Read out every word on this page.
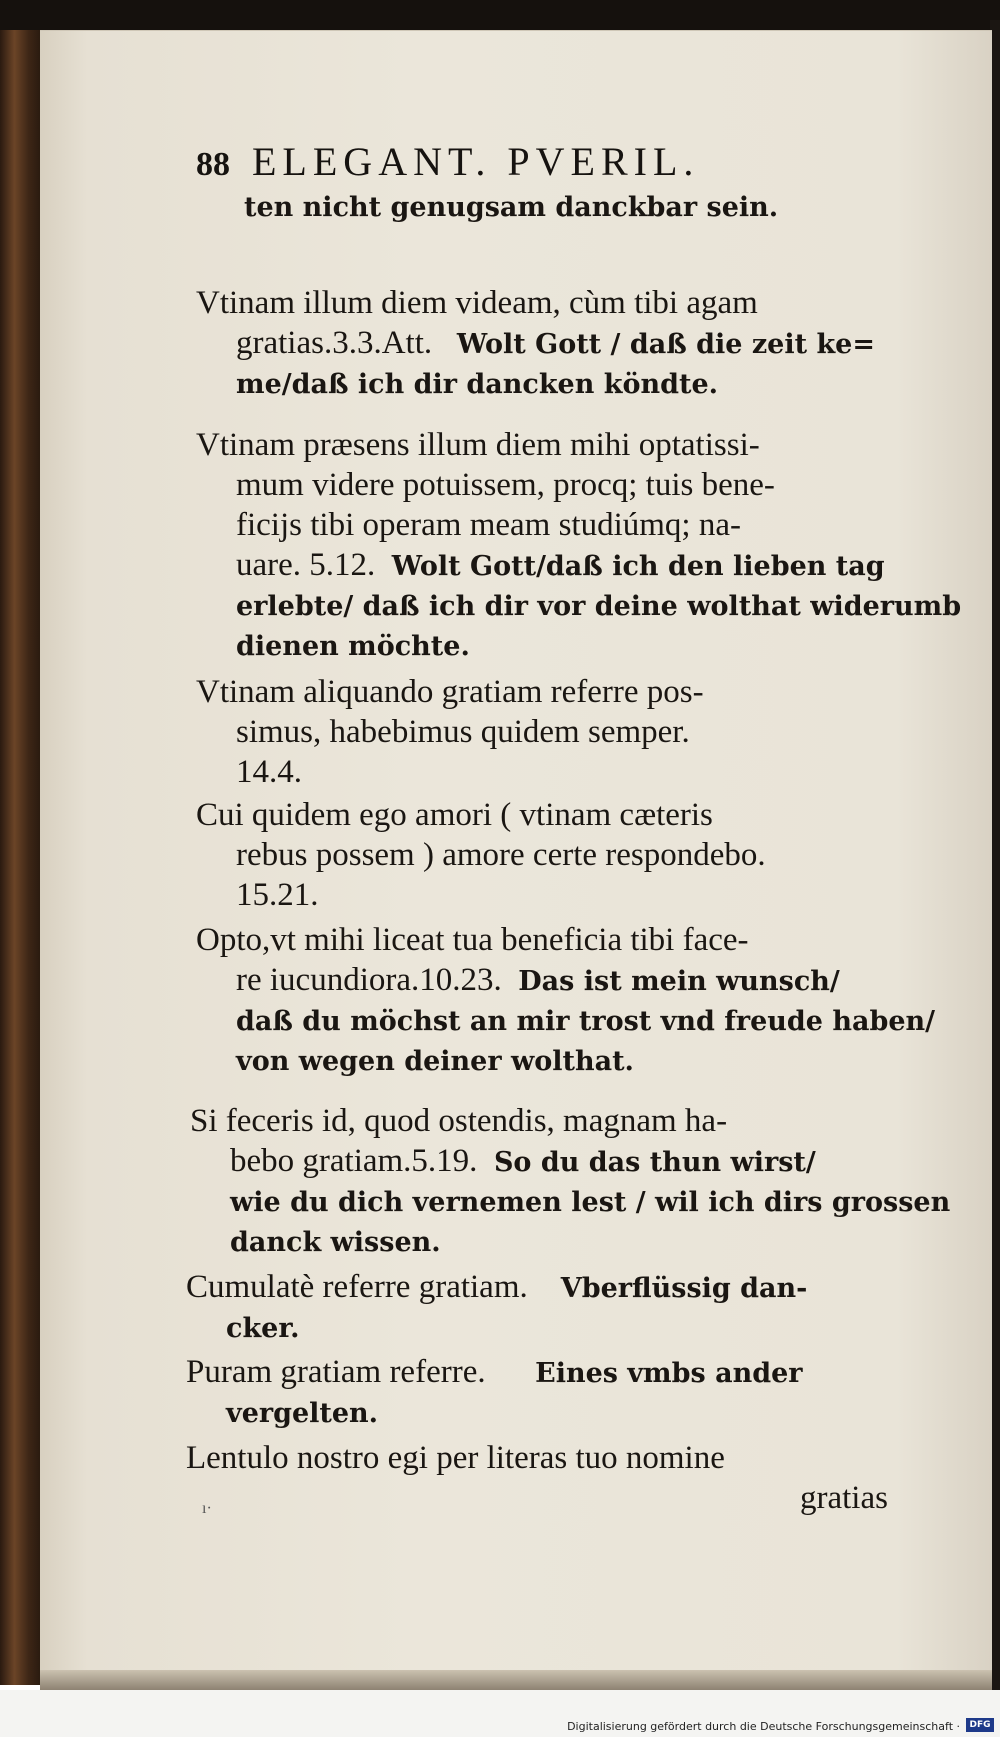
88 ELEGANT. PVERIL.
ten nicht genugsam danckbar sein.
Vtinam illum diem videam, cùm tibi agam
gratias.3.3.Att. Wolt Gott / daß die zeit ke=
me/daß ich dir dancken köndte.
Vtinam præsens illum diem mihi optatissi-
mum videre potuissem, procq; tuis bene-
ficijs tibi operam meam studiúmq; na-
uare. 5.12. Wolt Gott/daß ich den lieben tag
erlebte/ daß ich dir vor deine wolthat widerumb
dienen möchte.
Vtinam aliquando gratiam referre pos-
simus, habebimus quidem semper.
14.4.
Cui quidem ego amori ( vtinam cæteris
rebus possem ) amore certe respondebo.
15.21.
Opto,vt mihi liceat tua beneficia tibi face-
re iucundiora.10.23. Das ist mein wunsch/
daß du möchst an mir trost vnd freude haben/
von wegen deiner wolthat.
Si feceris id, quod ostendis, magnam ha-
bebo gratiam.5.19. So du das thun wirst/
wie du dich vernemen lest / wil ich dirs grossen
danck wissen.
Cumulatè referre gratiam. Vberflüssig dan-
cker.
Puram gratiam referre. Eines vmbs ander
vergelten.
Lentulo nostro egi per literas tuo nomine
gratias
ı·
Digitalisierung gefördert durch die Deutsche Forschungsgemeinschaft ·	DFG
